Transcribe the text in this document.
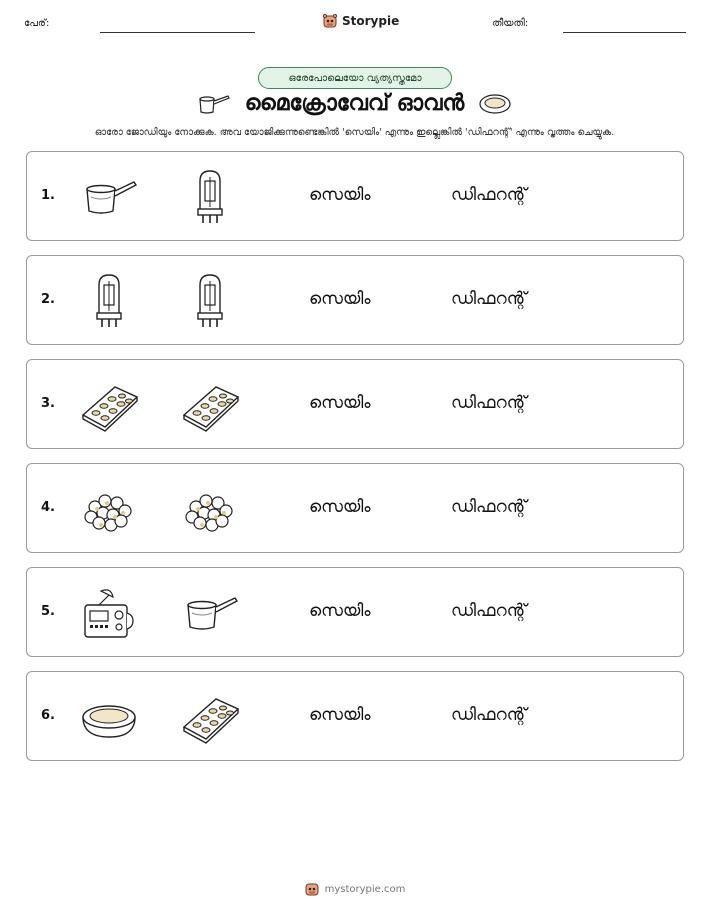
പേര്:	Storypie	തീയതി:
ഒരേപോലെയോ വ്യത്യസ്തമോ
മൈക്രോവേവ് ഓവൻ
ഓരോ ജോഡിയും നോക്കുക. അവ യോജിക്കുന്നുണ്ടെങ്കിൽ 'സെയിം' എന്നും ഇല്ലെങ്കിൽ 'ഡിഫറന്റ്' എന്നും വൃത്തം ചെയ്യുക.
1.	സെയിം	ഡിഫറന്റ്
2.	സെയിം	ഡിഫറന്റ്
3.	സെയിം	ഡിഫറന്റ്
4.	സെയിം	ഡിഫറന്റ്
5.	സെയിം	ഡിഫറന്റ്
6.	സെയിം	ഡിഫറന്റ്
mystorypie.com
